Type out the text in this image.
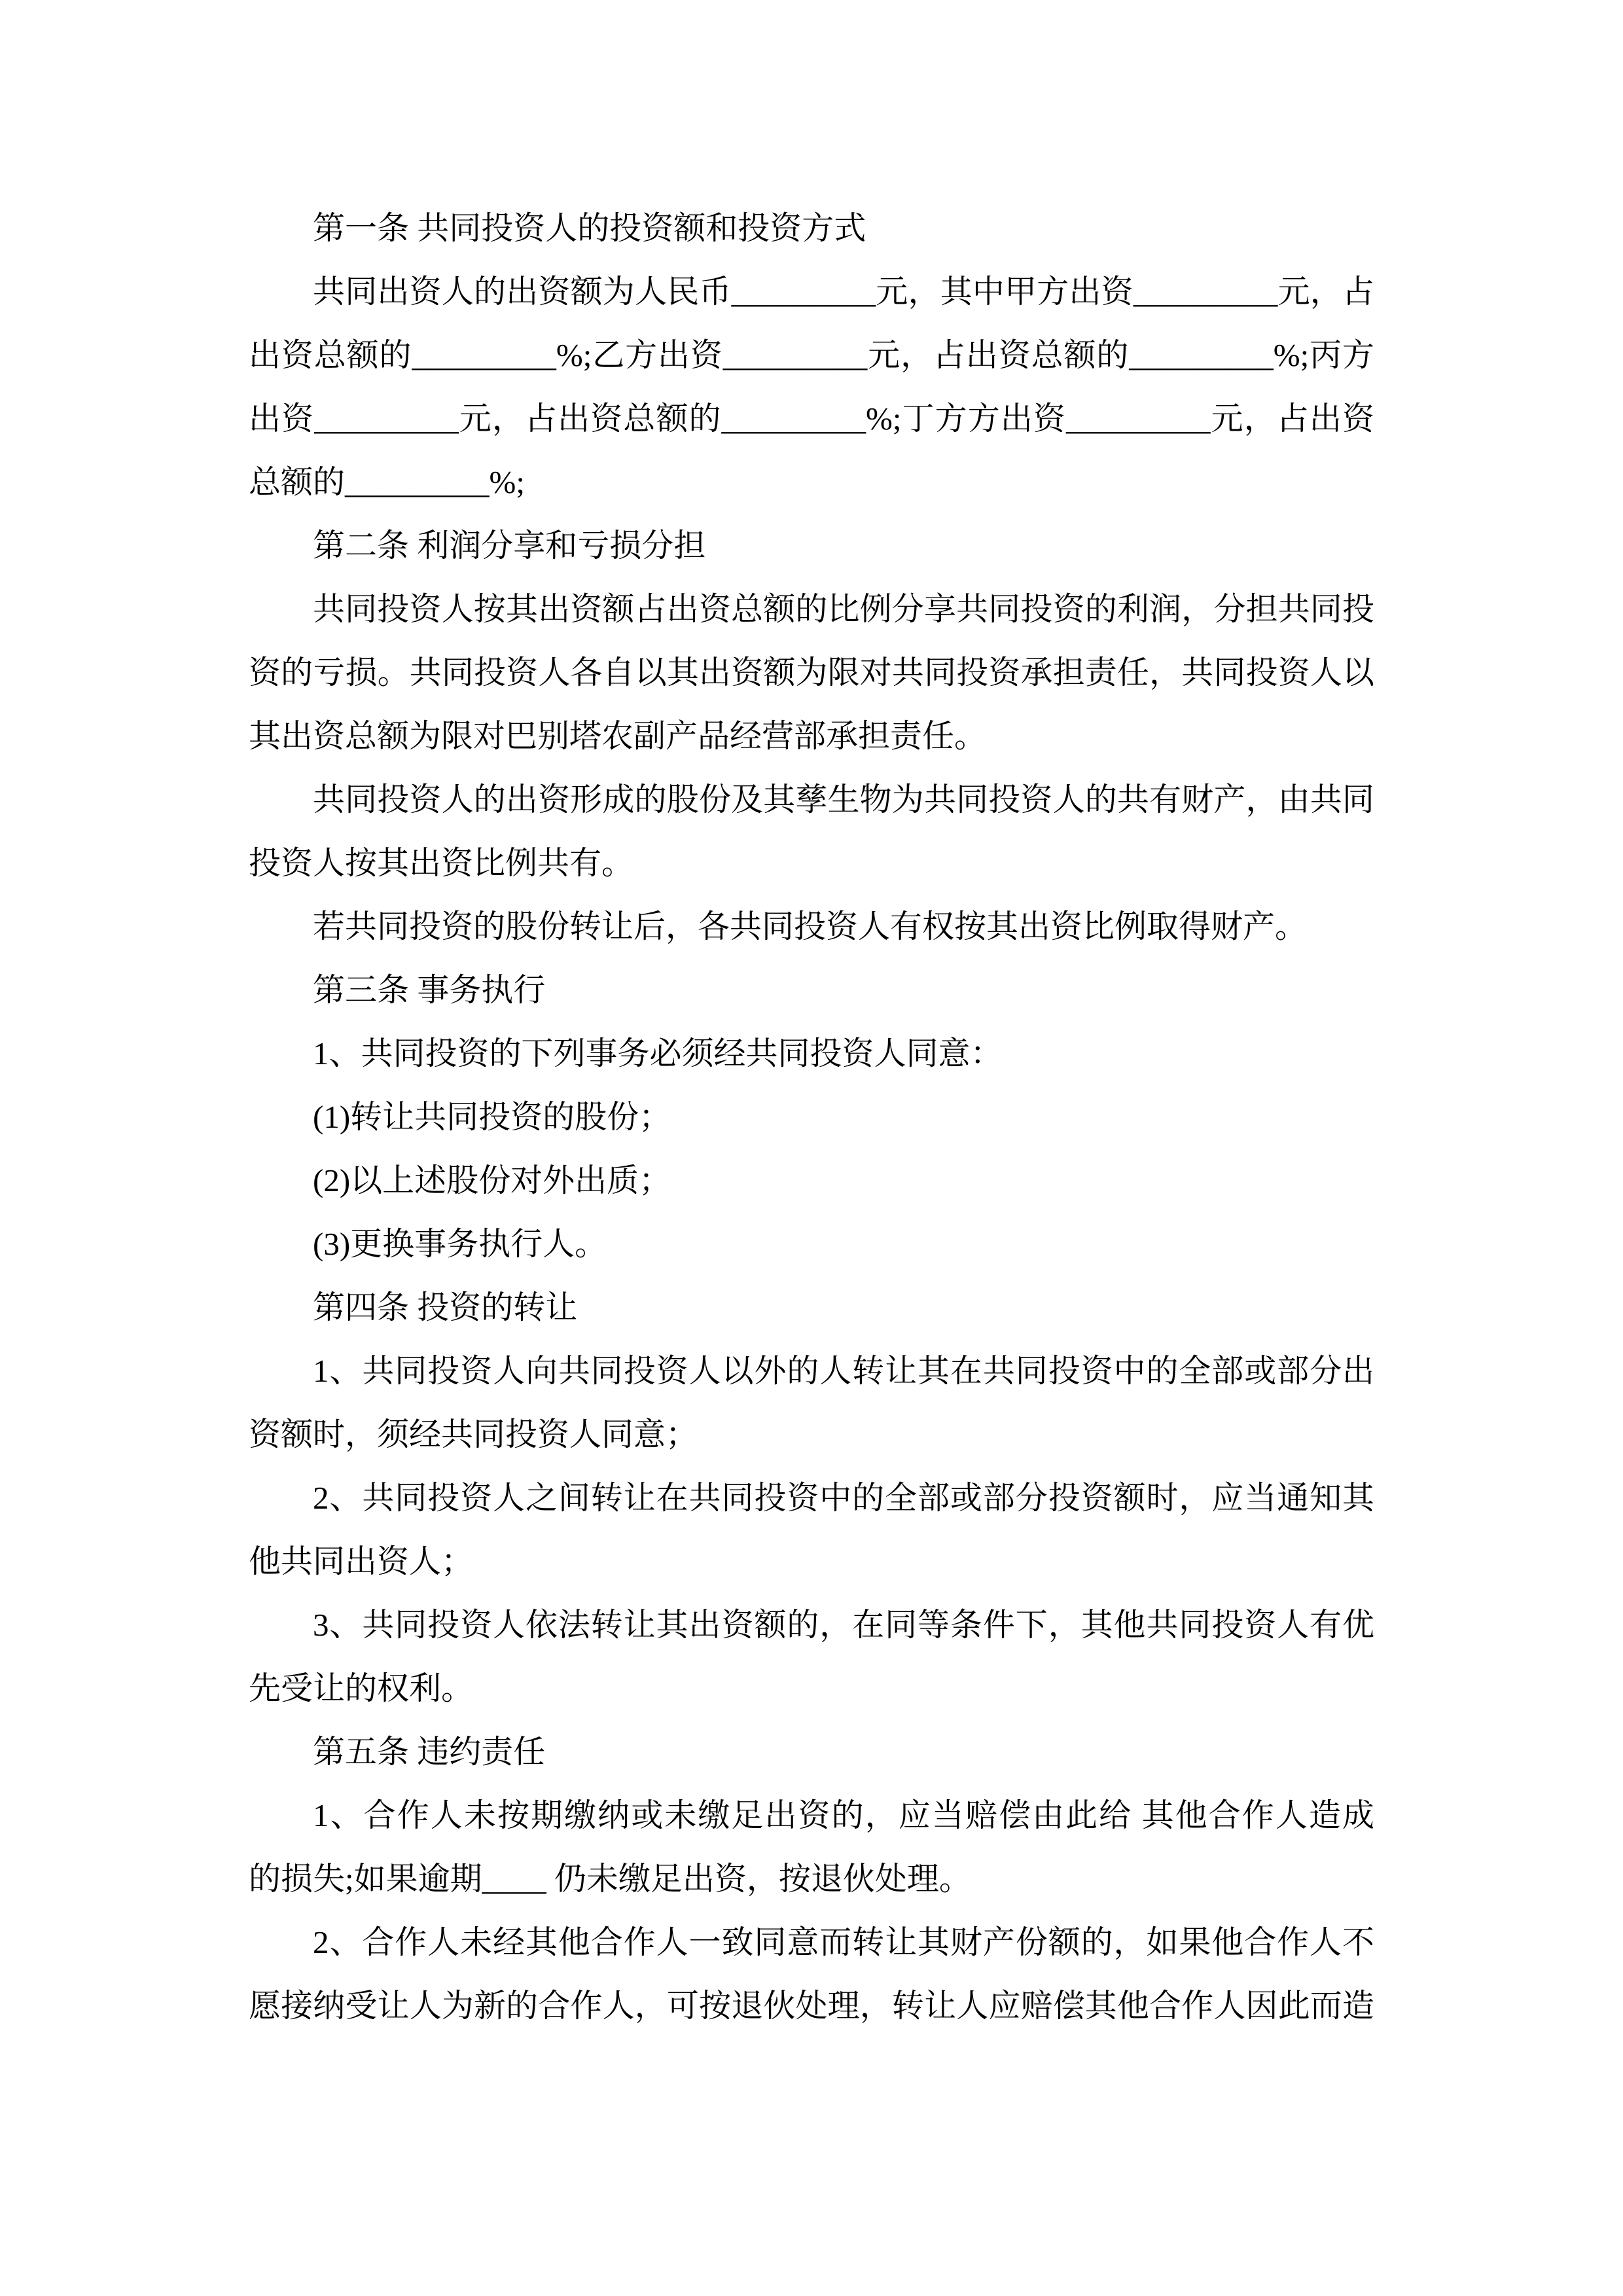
第一条 共同投资人的投资额和投资方式
共同出资人的出资额为人民币_________元，其中甲方出资_________元，占
出资总额的_________%;乙方出资_________元，占出资总额的_________%;丙方
出资_________元，占出资总额的_________%;丁方方出资_________元，占出资
总额的_________%;
第二条 利润分享和亏损分担
共同投资人按其出资额占出资总额的比例分享共同投资的利润，分担共同投
资的亏损。共同投资人各自以其出资额为限对共同投资承担责任，共同投资人以
其出资总额为限对巴别塔农副产品经营部承担责任。
共同投资人的出资形成的股份及其孳生物为共同投资人的共有财产，由共同
投资人按其出资比例共有。
若共同投资的股份转让后，各共同投资人有权按其出资比例取得财产。
第三条 事务执行
1、共同投资的下列事务必须经共同投资人同意：
(1)转让共同投资的股份；
(2)以上述股份对外出质；
(3)更换事务执行人。
第四条 投资的转让
1、共同投资人向共同投资人以外的人转让其在共同投资中的全部或部分出
资额时，须经共同投资人同意；
2、共同投资人之间转让在共同投资中的全部或部分投资额时，应当通知其
他共同出资人；
3、共同投资人依法转让其出资额的，在同等条件下，其他共同投资人有优
先受让的权利。
第五条 违约责任
1、合作人未按期缴纳或未缴足出资的，应当赔偿由此给 其他合作人造成
的损失;如果逾期____ 仍未缴足出资，按退伙处理。
2、合作人未经其他合作人一致同意而转让其财产份额的，如果他合作人不
愿接纳受让人为新的合作人，可按退伙处理，转让人应赔偿其他合作人因此而造
